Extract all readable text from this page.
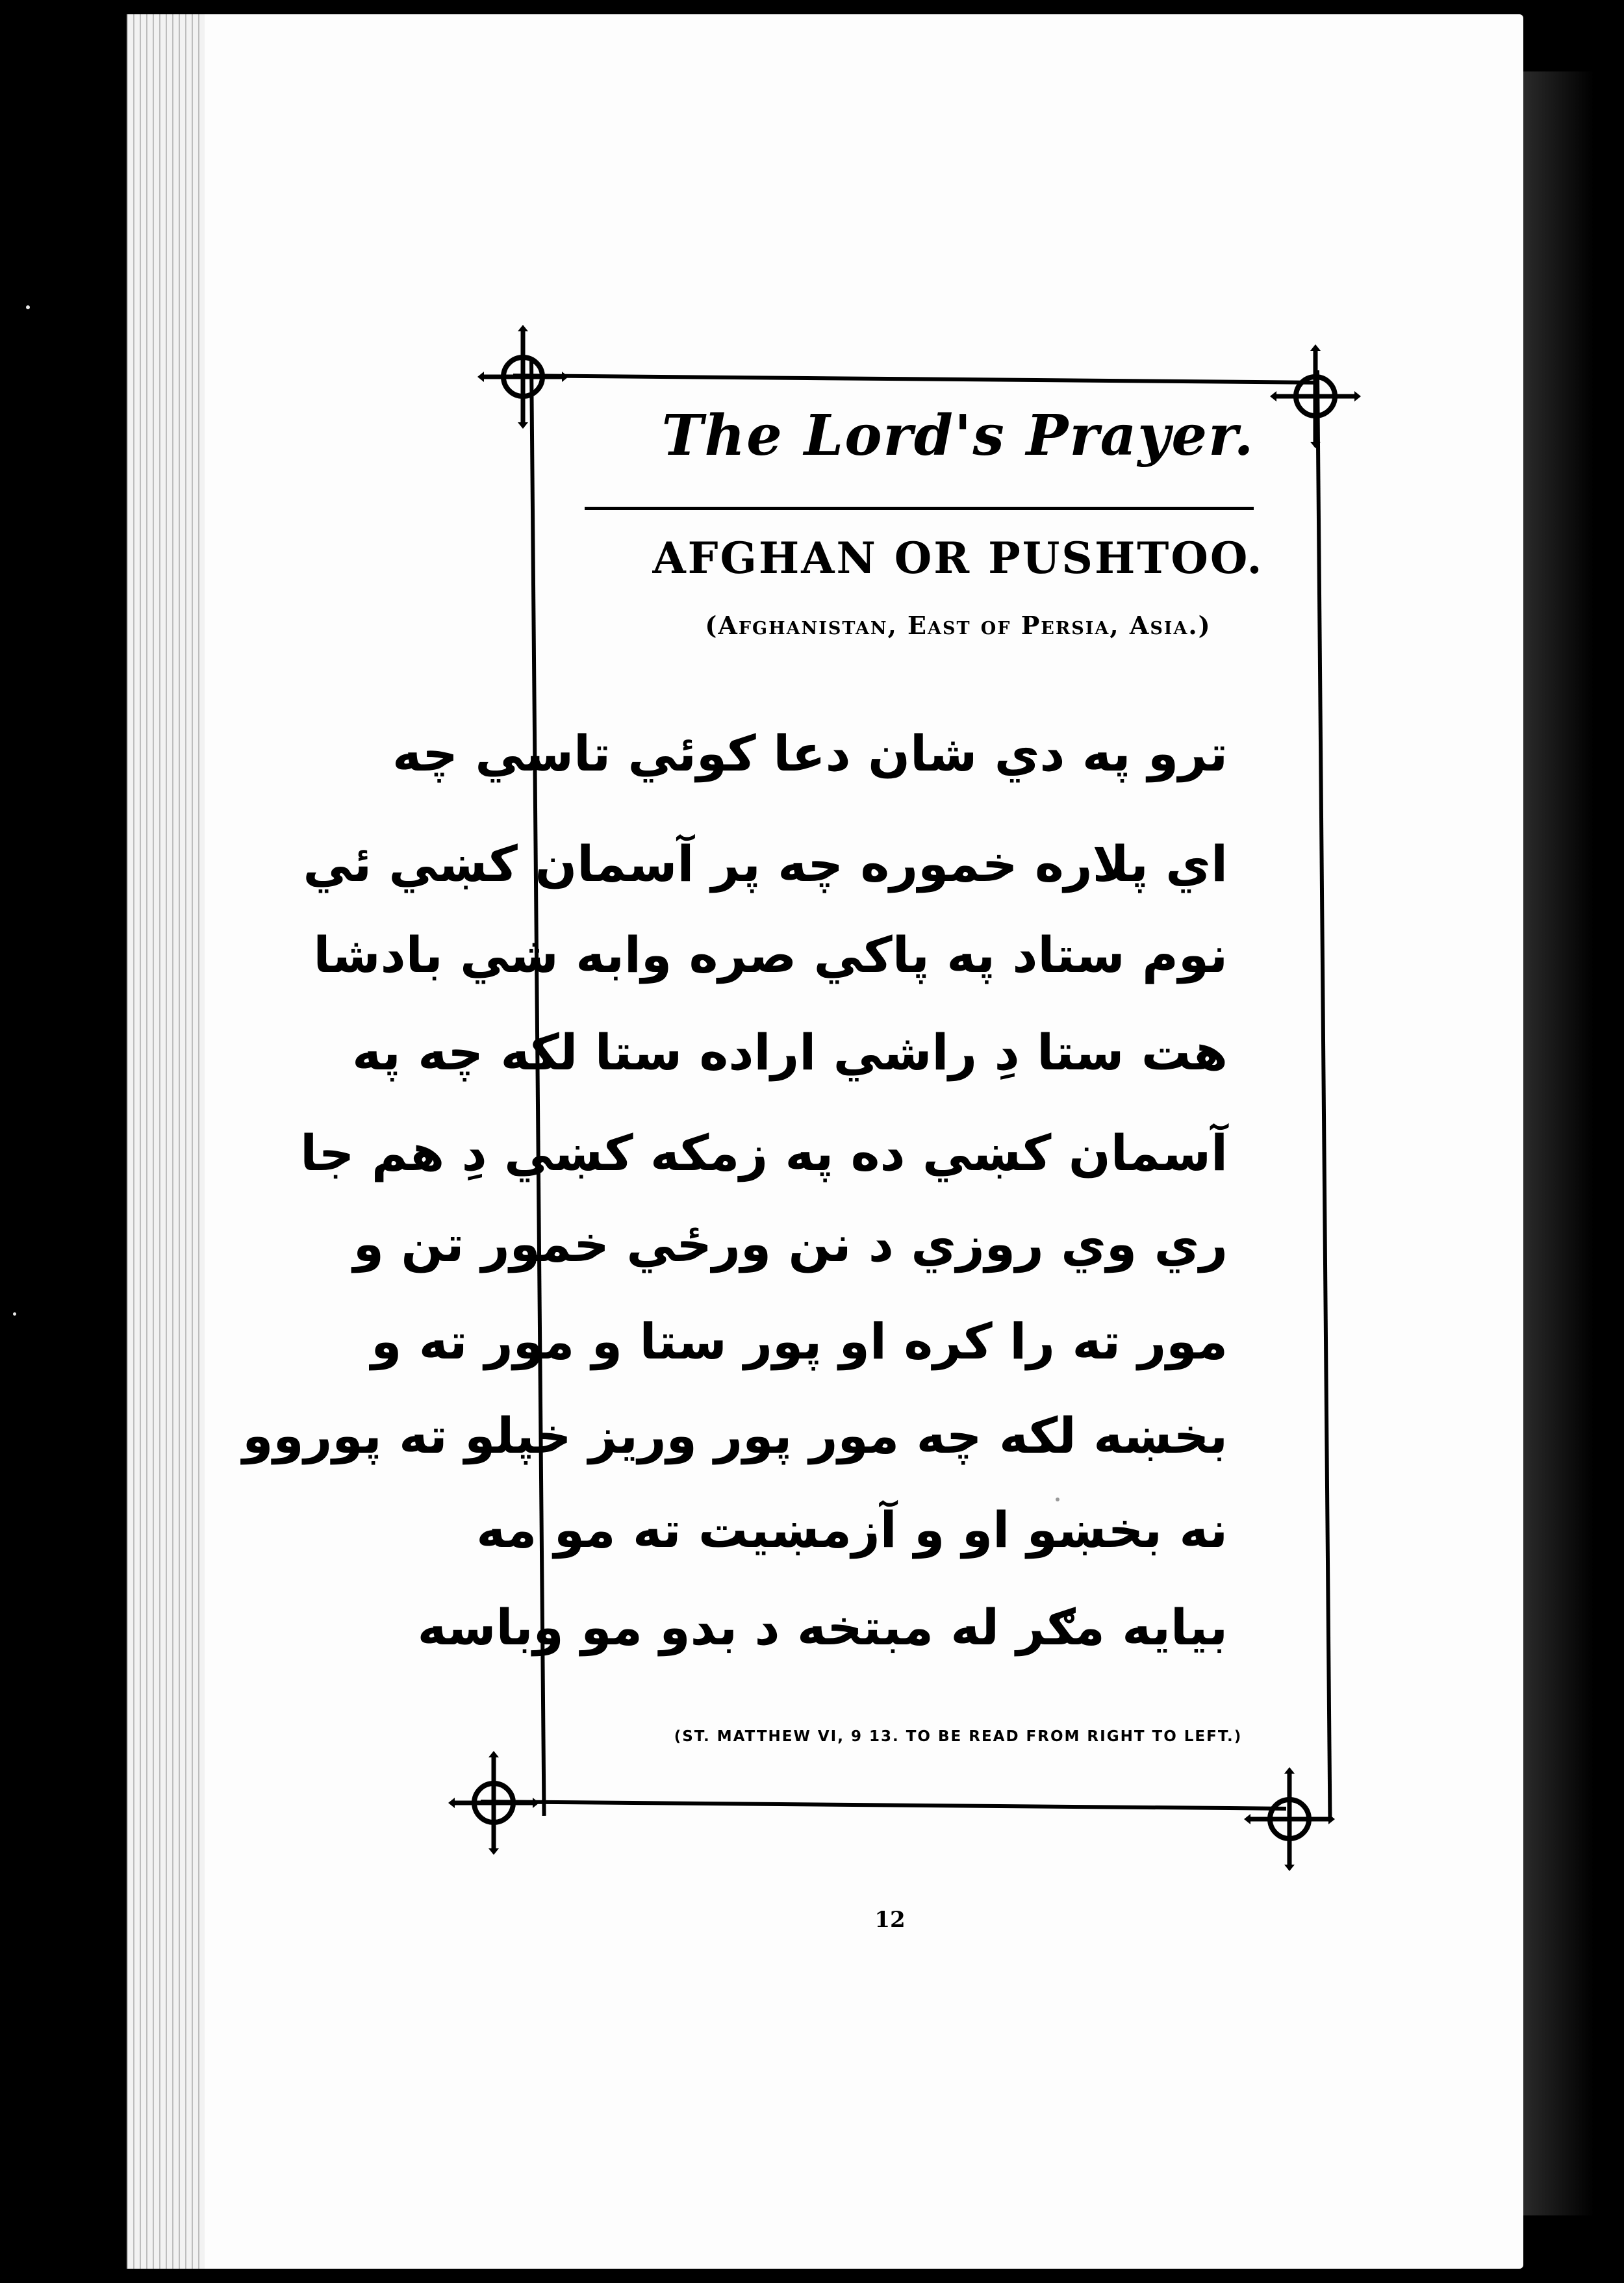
The Lord's Prayer.
AFGHAN OR PUSHTOO.
(Afghanistan, East of Persia, Asia.)
ترو په دي شان دعا کوئي تاسي چه
اي پلاره خموره چه پر آسمان کښي ئي
نوم ستاد په پاکي صره وابه شي بادشا
هت ستا دِ راشي اراده ستا لکه چه په
آسمان کښي ده په زمکه کښي دِ هم جا
ري وي روزي د نن ورځي خمور تن و
مور ته را کره او پور ستا و مور ته و
بخښه لکه چه مور پور وريز خپلو ته پوروو
نه بخښو او و آزمښيت ته مو مه
بيايه مګر له مبتخه د بدو مو وباسه
(ST. MATTHEW VI, 9 13. TO BE READ FROM RIGHT TO LEFT.)
12
